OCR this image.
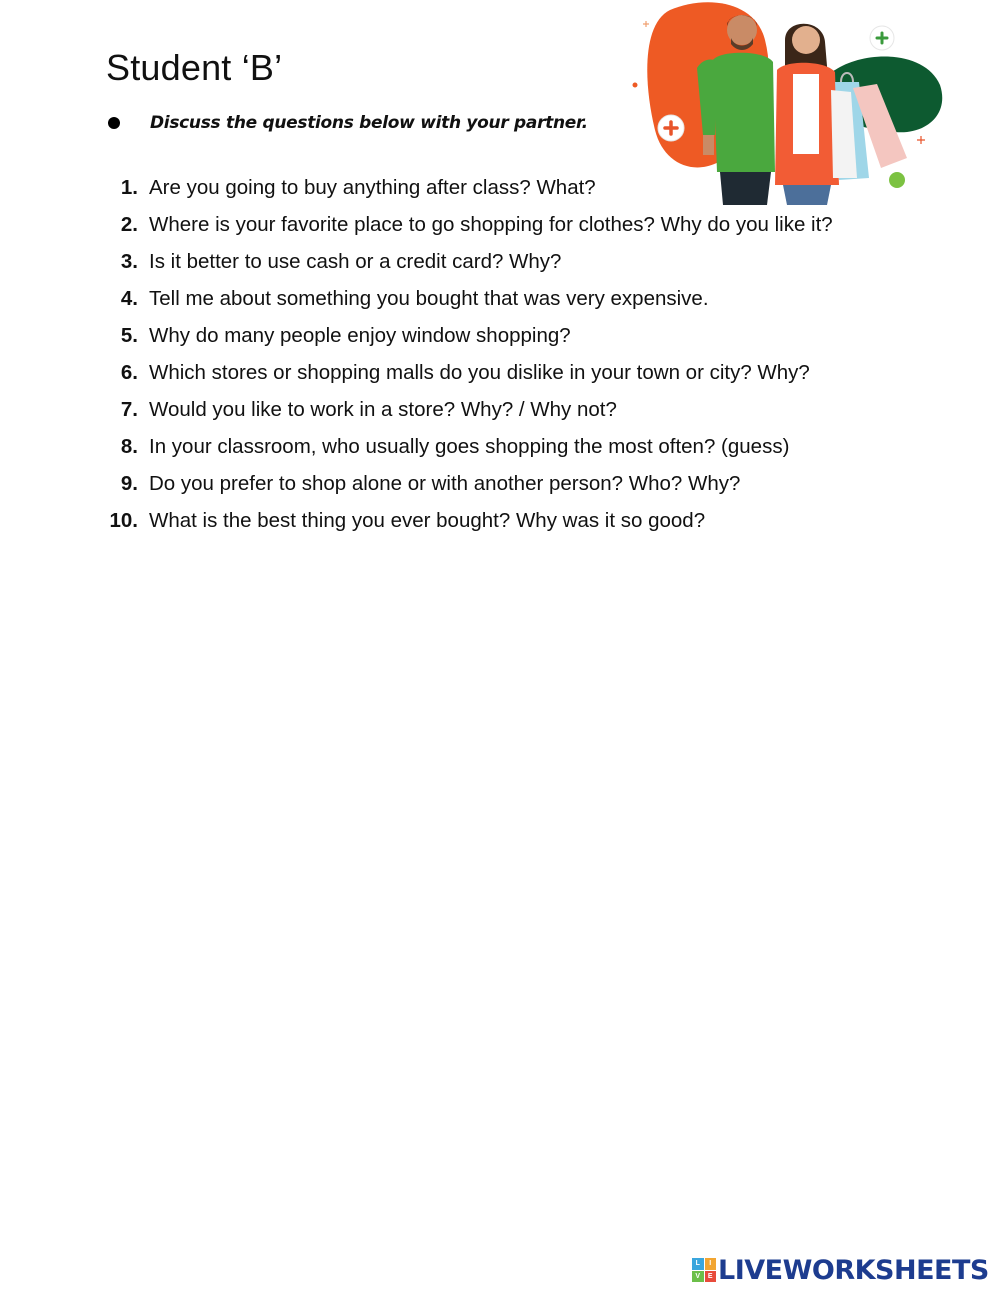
Student ‘B’
Discuss the questions below with your partner.
1. Are you going to buy anything after class? What?
2. Where is your favorite place to go shopping for clothes? Why do you like it?
3. Is it better to use cash or a credit card? Why?
4. Tell me about something you bought that was very expensive.
5. Why do many people enjoy window shopping?
6. Which stores or shopping malls do you dislike in your town or city? Why?
7. Would you like to work in a store? Why? / Why not?
8. In your classroom, who usually goes shopping the most often? (guess)
9. Do you prefer to shop alone or with another person? Who? Why?
10. What is the best thing you ever bought? Why was it so good?
L	I
V	E LIVEWORKSHEETS
